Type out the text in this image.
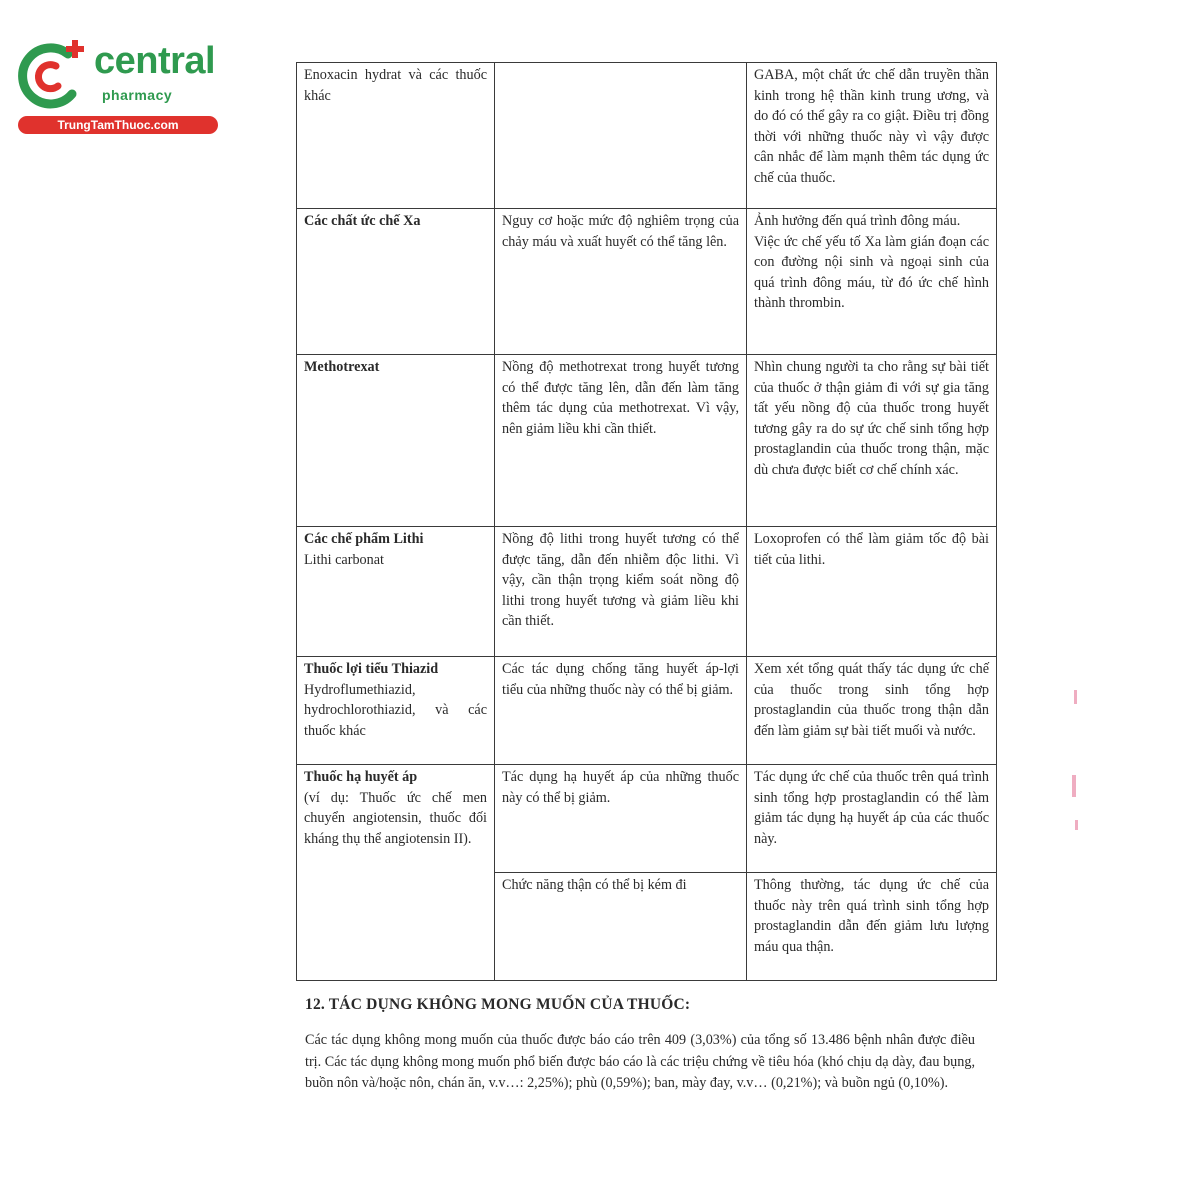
central
pharmacy
TrungTamThuoc.com
Enoxacin hydrat và các thuốc khác		GABA, một chất ức chế dẫn truyền thần kinh trong hệ thần kinh trung ương, và do đó có thể gây ra co giật. Điều trị đồng thời với những thuốc này vì vậy được cân nhắc để làm mạnh thêm tác dụng ức chế của thuốc.

Các chất ức chế Xa	Nguy cơ hoặc mức độ nghiêm trọng của chảy máu và xuất huyết có thể tăng lên.	Ảnh hưởng đến quá trình đông máu.
Việc ức chế yếu tố Xa làm gián đoạn các con đường nội sinh và ngoại sinh của quá trình đông máu, từ đó ức chế hình thành thrombin.

Methotrexat	Nồng độ methotrexat trong huyết tương có thể được tăng lên, dẫn đến làm tăng thêm tác dụng của methotrexat. Vì vậy, nên giảm liều khi cần thiết.	Nhìn chung người ta cho rằng sự bài tiết của thuốc ở thận giảm đi với sự gia tăng tất yếu nồng độ của thuốc trong huyết tương gây ra do sự ức chế sinh tổng hợp prostaglandin của thuốc trong thận, mặc dù chưa được biết cơ chế chính xác.

Các chế phẩm Lithi
Lithi carbonat	Nồng độ lithi trong huyết tương có thể được tăng, dẫn đến nhiễm độc lithi. Vì vậy, cần thận trọng kiểm soát nồng độ lithi trong huyết tương và giảm liều khi cần thiết.	Loxoprofen có thể làm giảm tốc độ bài tiết của lithi.

Thuốc lợi tiểu Thiazid
Hydroflumethiazid, hydrochlorothiazid, và các thuốc khác	Các tác dụng chống tăng huyết áp-lợi tiểu của những thuốc này có thể bị giảm.	Xem xét tổng quát thấy tác dụng ức chế của thuốc trong sinh tổng hợp prostaglandin của thuốc trong thận dẫn đến làm giảm sự bài tiết muối và nước.

Thuốc hạ huyết áp
(ví dụ: Thuốc ức chế men chuyển angiotensin, thuốc đối kháng thụ thể angiotensin II).	Tác dụng hạ huyết áp của những thuốc này có thể bị giảm.	Tác dụng ức chế của thuốc trên quá trình sinh tổng hợp prostaglandin có thể làm giảm tác dụng hạ huyết áp của các thuốc này.
	Chức năng thận có thể bị kém đi	Thông thường, tác dụng ức chế của thuốc này trên quá trình sinh tổng hợp prostaglandin dẫn đến giảm lưu lượng máu qua thận.
12. TÁC DỤNG KHÔNG MONG MUỐN CỦA THUỐC:

Các tác dụng không mong muốn của thuốc được báo cáo trên 409 (3,03%) của tổng số 13.486 bệnh nhân được điều trị. Các tác dụng không mong muốn phổ biến được báo cáo là các triệu chứng về tiêu hóa (khó chịu dạ dày, đau bụng, buồn nôn và/hoặc nôn, chán ăn, v.v…: 2,25%); phù (0,59%); ban, mày đay, v.v… (0,21%); và buồn ngủ (0,10%).
